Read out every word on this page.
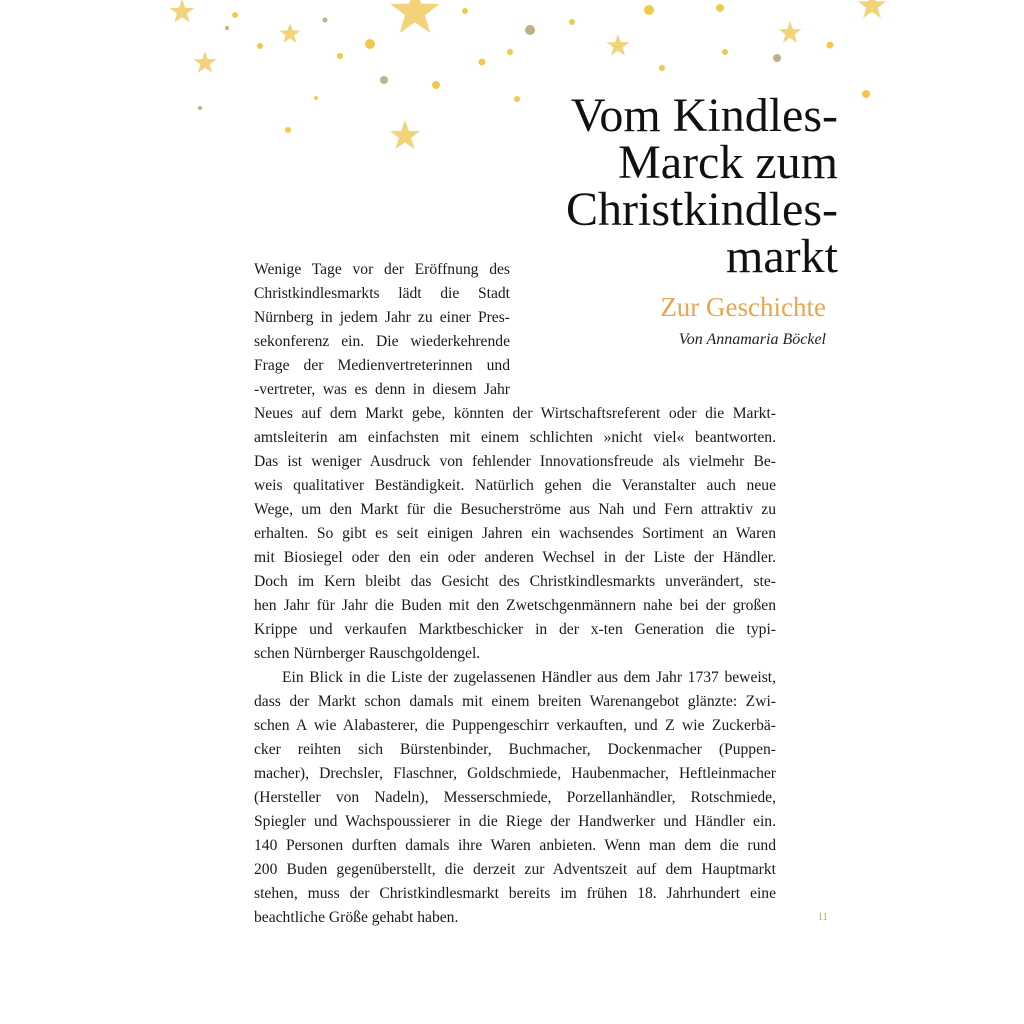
Vom Kindles-
Marck zum
Christkindles-
markt
Zur Geschichte

Von Annamaria Böckel

Wenige Tage vor der Eröffnung des
Christkindlesmarkts lädt die Stadt
Nürnberg in jedem Jahr zu einer Pres-
sekonferenz ein. Die wiederkehrende
Frage der Medienvertreterinnen und
-vertreter, was es denn in diesem Jahr
Neues auf dem Markt gebe, könnten der Wirtschaftsreferent oder die Markt-
amtsleiterin am einfachsten mit einem schlichten »nicht viel« beantworten.
Das ist weniger Ausdruck von fehlender Innovationsfreude als vielmehr Be-
weis qualitativer Beständigkeit. Natürlich gehen die Veranstalter auch neue
Wege, um den Markt für die Besucherströme aus Nah und Fern attraktiv zu
erhalten. So gibt es seit einigen Jahren ein wachsendes Sortiment an Waren
mit Biosiegel oder den ein oder anderen Wechsel in der Liste der Händler.
Doch im Kern bleibt das Gesicht des Christkindlesmarkts unverändert, ste-
hen Jahr für Jahr die Buden mit den Zwetschgenmännern nahe bei der großen
Krippe und verkaufen Marktbeschicker in der x-ten Generation die typi-
schen Nürnberger Rauschgoldengel.
Ein Blick in die Liste der zugelassenen Händler aus dem Jahr 1737 beweist,
dass der Markt schon damals mit einem breiten Warenangebot glänzte: Zwi-
schen A wie Alabasterer, die Puppengeschirr verkauften, und Z wie Zuckerbä-
cker reihten sich Bürstenbinder, Buchmacher, Dockenmacher (Puppen-
macher), Drechsler, Flaschner, Goldschmiede, Haubenmacher, Heftleinmacher
(Hersteller von Nadeln), Messerschmiede, Porzellanhändler, Rotschmiede,
Spiegler und Wachspoussierer in die Riege der Handwerker und Händler ein.
140 Personen durften damals ihre Waren anbieten. Wenn man dem die rund
200 Buden gegenüberstellt, die derzeit zur Adventszeit auf dem Hauptmarkt
stehen, muss der Christkindlesmarkt bereits im frühen 18. Jahrhundert eine
beachtliche Größe gehabt haben.	11
